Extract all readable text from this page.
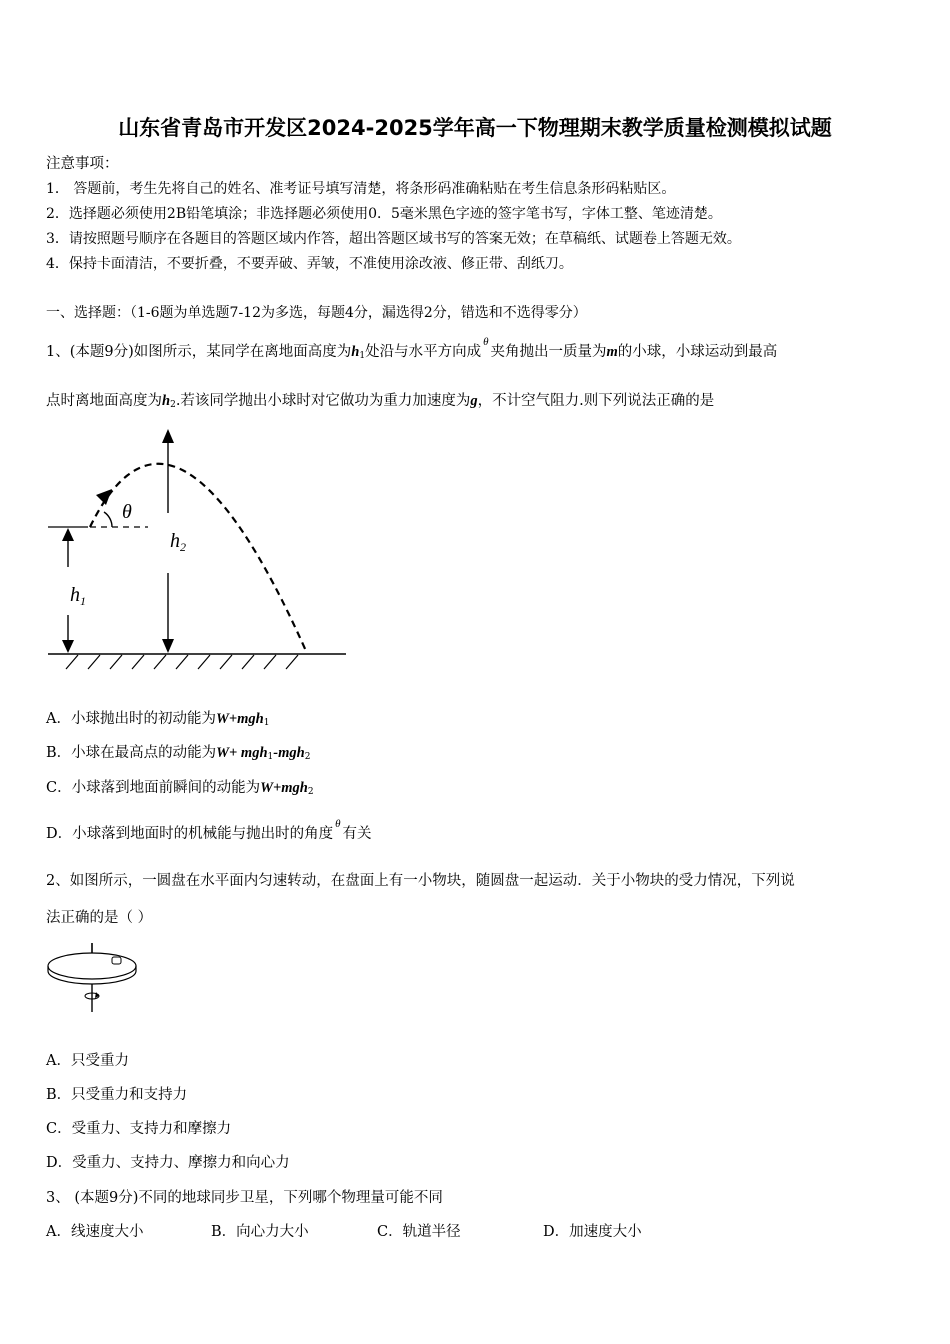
山东省青岛市开发区2024-2025学年高一下物理期末教学质量检测模拟试题
注意事项：
1． 答题前，考生先将自己的姓名、准考证号填写清楚，将条形码准确粘贴在考生信息条形码粘贴区。
2．选择题必须使用2B铅笔填涂；非选择题必须使用0．5毫米黑色字迹的签字笔书写，字体工整、笔迹清楚。
3．请按照题号顺序在各题目的答题区域内作答，超出答题区域书写的答案无效；在草稿纸、试题卷上答题无效。
4．保持卡面清洁，不要折叠，不要弄破、弄皱，不准使用涂改液、修正带、刮纸刀。
一、选择题：（1-6题为单选题7-12为多选，每题4分，漏选得2分，错选和不选得零分）
1、(本题9分)如图所示，某同学在离地面高度为$h_1$处沿与水平方向成$^\theta$夹角抛出一质量为m的小球，小球运动到最高
点时离地面高度为$h_2$.若该同学抛出小球时对它做功为重力加速度为g，不计空气阻力.则下列说法正确的是
$h_1$
$h_2$
θ
A．小球抛出时的初动能为W+mgh$_1$
B．小球在最高点的动能为W+ mgh$_1$-mgh$_2$
C．小球落到地面前瞬间的动能为W+mgh$_2$
D．小球落到地面时的机械能与抛出时的角度$^\theta$有关
2、如图所示，一圆盘在水平面内匀速转动，在盘面上有一小物块，随圆盘一起运动．关于小物块的受力情况，下列说
法正确的是（ ）
A．只受重力
B．只受重力和支持力
C．受重力、支持力和摩擦力
D．受重力、支持力、摩擦力和向心力
3、 (本题9分)不同的地球同步卫星，下列哪个物理量可能不同
A．线速度大小	B．向心力大小	C．轨道半径	D．加速度大小
